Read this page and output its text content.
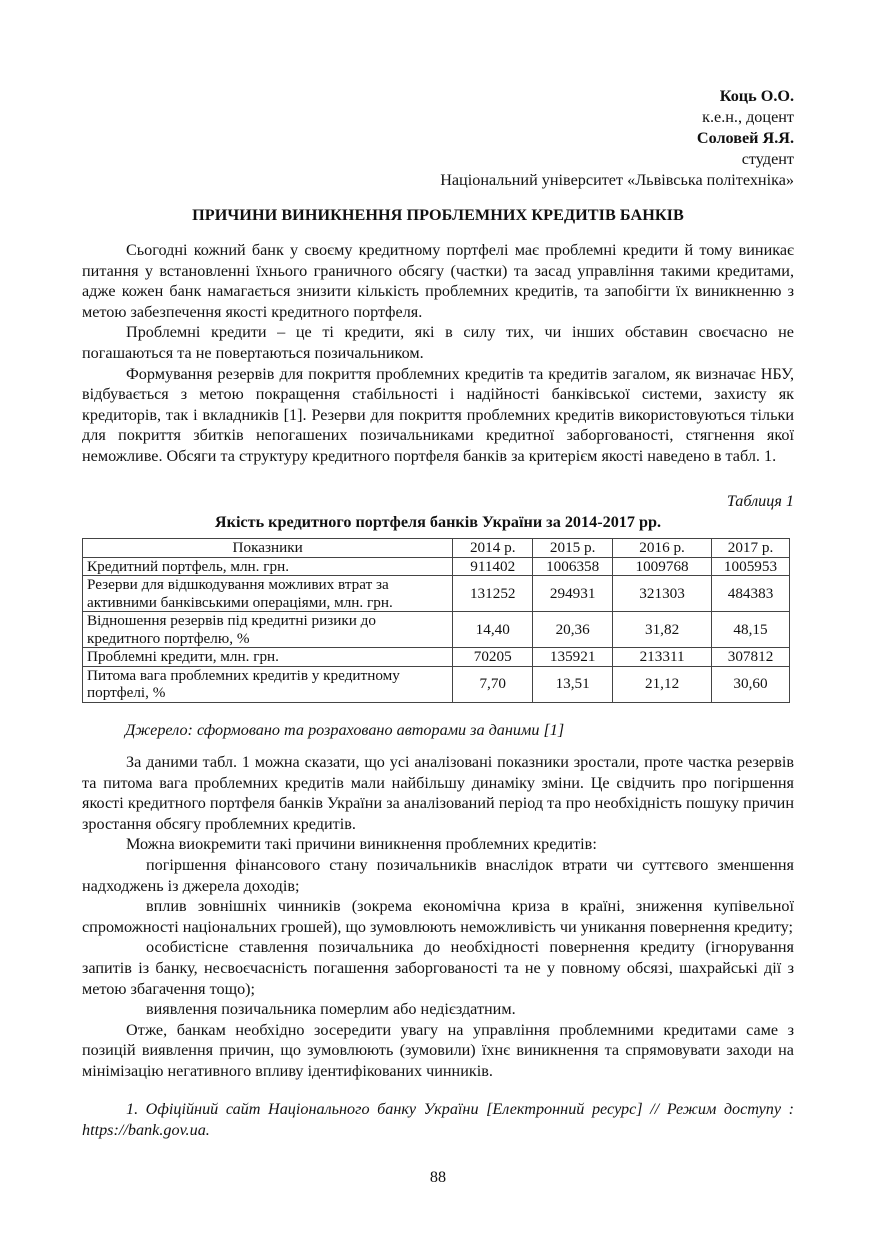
Коць О.О.
к.е.н., доцент
Соловей Я.Я.
студент
Національний університет «Львівська політехніка»
ПРИЧИНИ ВИНИКНЕННЯ ПРОБЛЕМНИХ КРЕДИТІВ БАНКІВ

Сьогодні кожний банк у своєму кредитному портфелі має проблемні кредити й тому виникає питання у встановленні їхнього граничного обсягу (частки) та засад управління такими кредитами, адже кожен банк намагається знизити кількість проблемних кредитів, та запобігти їх виникненню з метою забезпечення якості кредитного портфеля.

Проблемні кредити – це ті кредити, які в силу тих, чи інших обставин своєчасно не погашаються та не повертаються позичальником.

Формування резервів для покриття проблемних кредитів та кредитів загалом, як визначає НБУ, відбувається з метою покращення стабільності і надійності банківської системи, захисту як кредиторів, так і вкладників [1]. Резерви для покриття проблемних кредитів використовуються тільки для покриття збитків непогашених позичальниками кредитної заборгованості, стягнення якої неможливе. Обсяги та структуру кредитного портфеля банків за критерієм якості наведено в табл. 1.

Таблиця 1
Якість кредитного портфеля банків України за 2014-2017 рр.
Показники	2014 р.	2015 р.	2016 р.	2017 р.
Кредитний портфель, млн. грн.	911402	1006358	1009768	1005953
Резерви для відшкодування можливих втрат за активними банківськими операціями, млн. грн.	131252	294931	321303	484383
Відношення резервів під кредитні ризики до кредитного портфелю, %	14,40	20,36	31,82	48,15
Проблемні кредити, млн. грн.	70205	135921	213311	307812
Питома вага проблемних кредитів у кредитному портфелі, %	7,70	13,51	21,12	30,60
Джерело: сформовано та розраховано авторами за даними [1]

За даними табл. 1 можна сказати, що усі аналізовані показники зростали, проте частка резервів та питома вага проблемних кредитів мали найбільшу динаміку зміни. Це свідчить про погіршення якості кредитного портфеля банків України за аналізований період та про необхідність пошуку причин зростання обсягу проблемних кредитів.

Можна виокремити такі причини виникнення проблемних кредитів:

погіршення фінансового стану позичальників внаслідок втрати чи суттєвого зменшення надходжень із джерела доходів;

вплив зовнішніх чинників (зокрема економічна криза в країні, зниження купівельної спроможності національних грошей), що зумовлюють неможливість чи уникання повернення кредиту;

особистісне ставлення позичальника до необхідності повернення кредиту (ігнорування запитів із банку, несвоєчасність погашення заборгованості та не у повному обсязі, шахрайські дії з метою збагачення тощо);

виявлення позичальника померлим або недієздатним.

Отже, банкам необхідно зосередити увагу на управління проблемними кредитами саме з позицій виявлення причин, що зумовлюють (зумовили) їхнє виникнення та спрямовувати заходи на мінімізацію негативного впливу ідентифікованих чинників.

1. Офіційний сайт Національного банку України [Електронний ресурс] // Режим доступу : https://bank.gov.ua.

88
